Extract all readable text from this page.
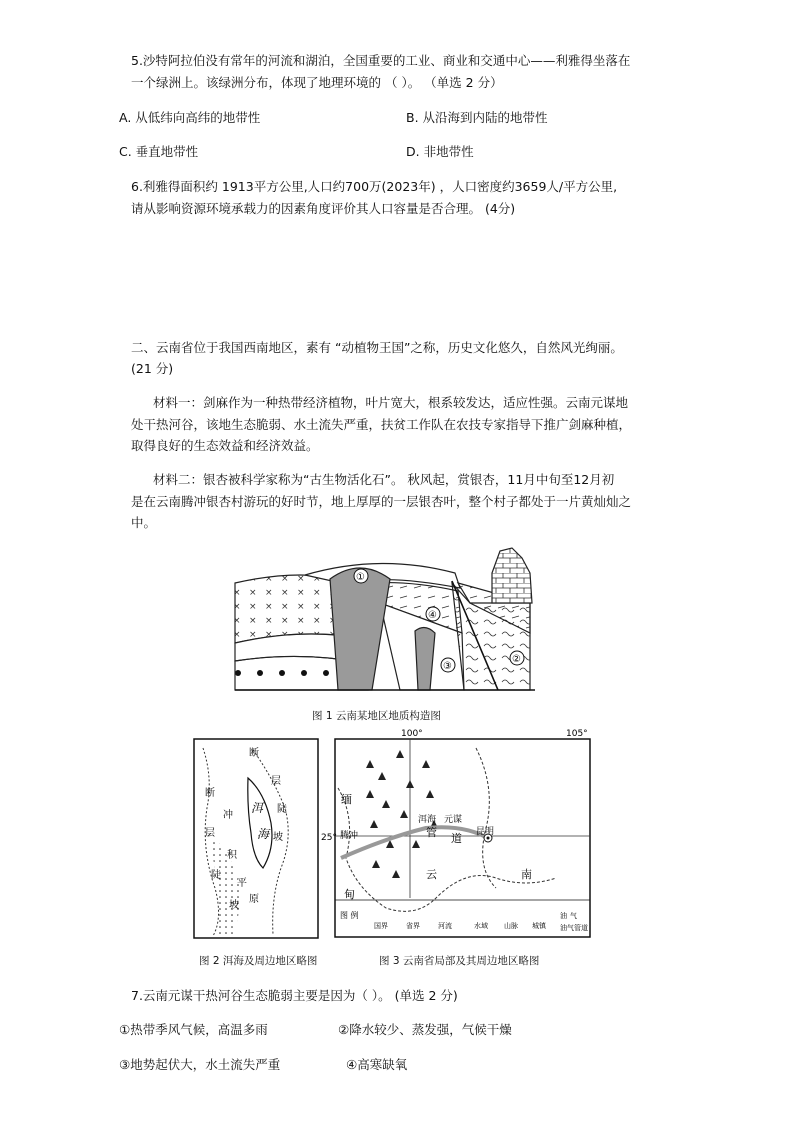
5.沙特阿拉伯没有常年的河流和湖泊，全国重要的工业、商业和交通中心——利雅得坐落在
一个绿洲上。该绿洲分布，体现了地理环境的 （ ）。 （单选 2 分）
A. 从低纬向高纬的地带性	B. 从沿海到内陆的地带性
C. 垂直地带性	D. 非地带性
6.利雅得面积约 1913平方公里,人口约700万(2023年) ，人口密度约3659人/平方公里,
请从影响资源环境承载力的因素角度评价其人口容量是否合理。 (4分)
二、云南省位于我国西南地区，素有 “动植物王国”之称，历史文化悠久，自然风光绚丽。
(21 分)
材料一：剑麻作为一种热带经济植物，叶片宽大，根系较发达，适应性强。云南元谋地
处干热河谷，该地生态脆弱、水土流失严重，扶贫工作队在农技专家指导下推广剑麻种植，
取得良好的生态效益和经济效益。
材料二：银杏被科学家称为“古生物活化石”。 秋风起，赏银杏，11月中旬至12月初
是在云南腾冲银杏村游玩的好时节，地上厚厚的一层银杏叶，整个村子都处于一片黄灿灿之
中。
①
②
③
④
图 1 云南某地区地质构造图
断
层
陡
坡
断
冲
层
积
陡
平
坡
原
洱
海
图 2 洱海及周边地区略图
100°	105°
25°
缅
甸
腾冲
洱海 元谋
昆明
管 道
云	南
图 例
国界	省界	河流	水域 山脉 城镇
油 气
油气管道
图 3 云南省局部及其周边地区略图
7.云南元谋干热河谷生态脆弱主要是因为（ ）。 (单选 2 分)
①热带季风气候，高温多雨	②降水较少、蒸发强，气候干燥
③地势起伏大，水土流失严重	④高寒缺氧
